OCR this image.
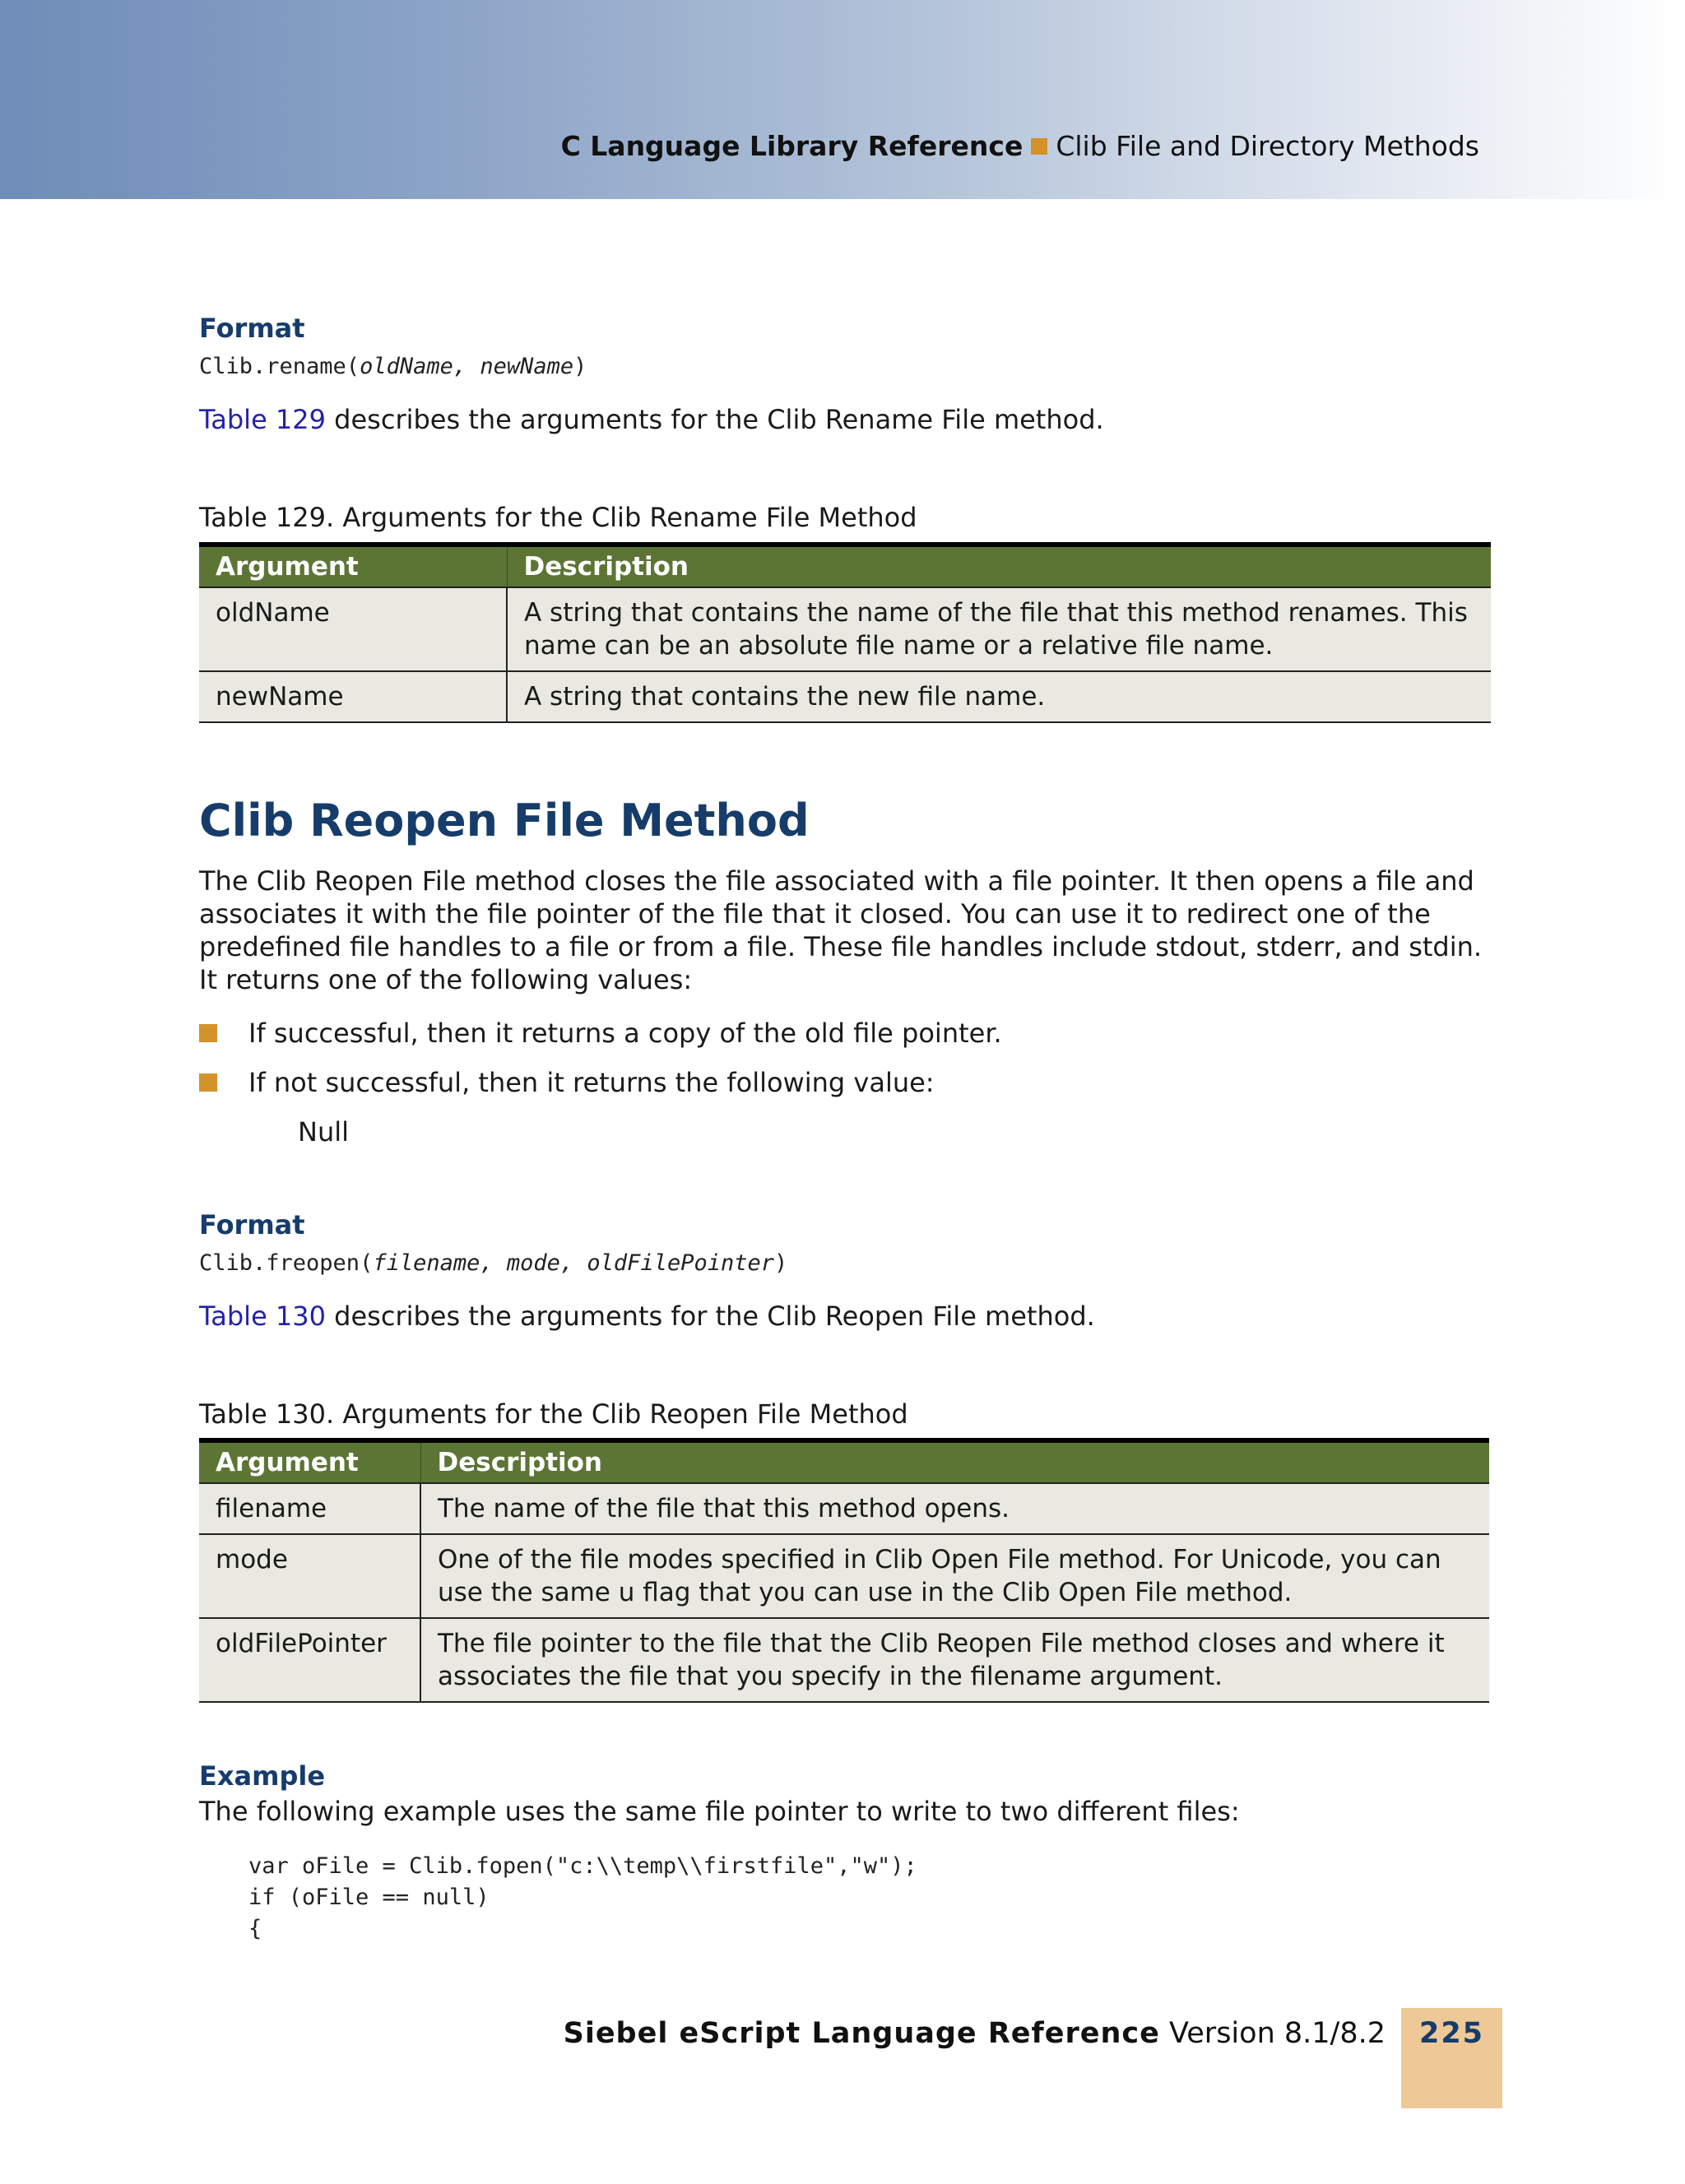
C Language Library Reference Clib File and Directory Methods
Format
Clib.rename(oldName, newName)
Table 129 describes the arguments for the Clib Rename File method.
Table 129. Arguments for the Clib Rename File Method
Argument	Description
oldName	A string that contains the name of the file that this method renames. This name can be an absolute file name or a relative file name.
newName	A string that contains the new file name.
Clib Reopen File Method
The Clib Reopen File method closes the file associated with a file pointer. It then opens a file and associates it with the file pointer of the file that it closed. You can use it to redirect one of the predefined file handles to a file or from a file. These file handles include stdout, stderr, and stdin. It returns one of the following values:
If successful, then it returns a copy of the old file pointer.
If not successful, then it returns the following value:
Null
Format
Clib.freopen(filename, mode, oldFilePointer)
Table 130 describes the arguments for the Clib Reopen File method.
Table 130. Arguments for the Clib Reopen File Method
Argument	Description
filename	The name of the file that this method opens.
mode	One of the file modes specified in Clib Open File method. For Unicode, you can use the same u flag that you can use in the Clib Open File method.
oldFilePointer	The file pointer to the file that the Clib Reopen File method closes and where it associates the file that you specify in the filename argument.
Example
The following example uses the same file pointer to write to two different files:
var oFile = Clib.fopen("c:\\temp\\firstfile","w");
if (oFile == null)
{
Siebel eScript Language Reference Version 8.1/8.2	225
